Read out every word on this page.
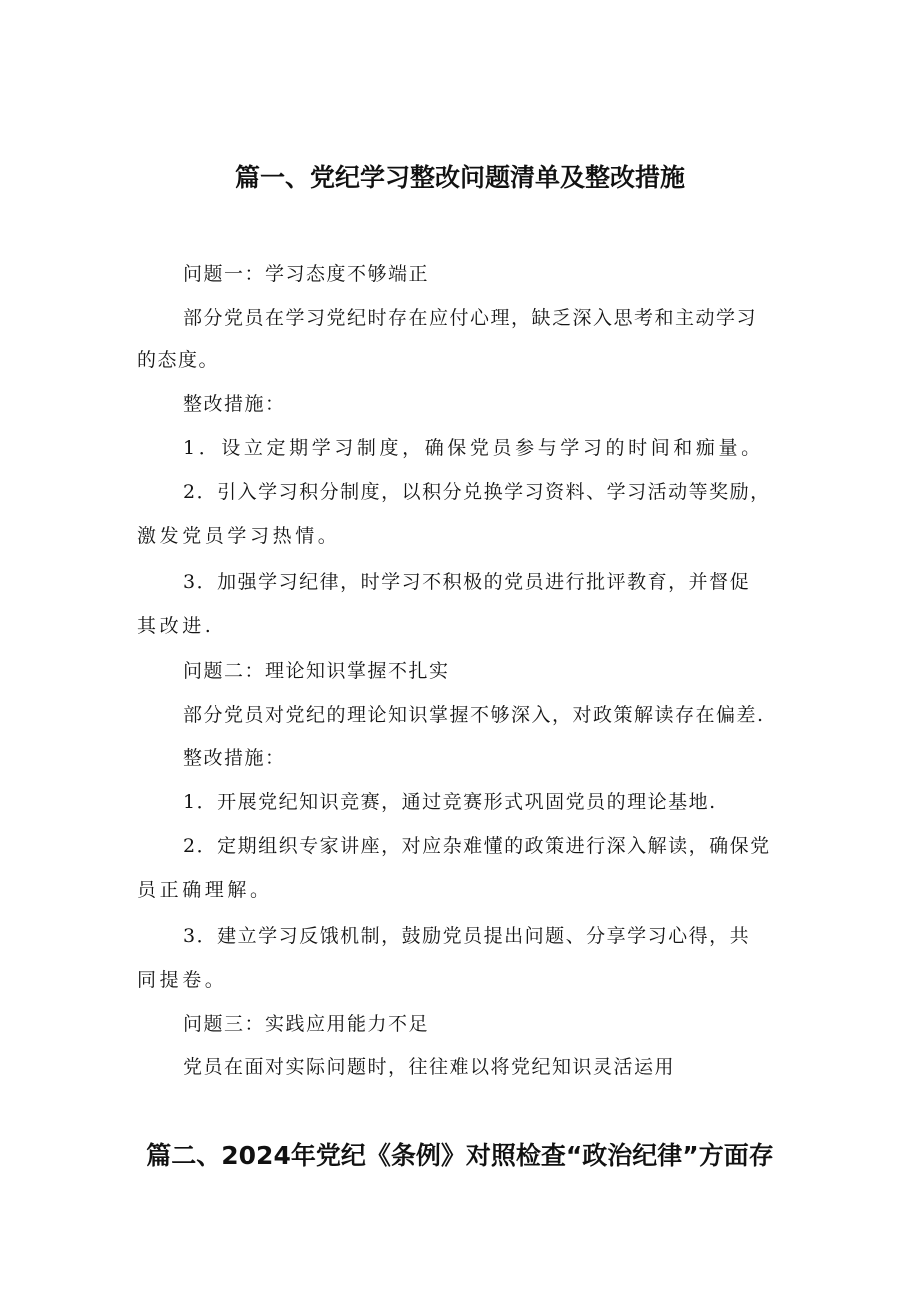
篇一、党纪学习整改问题清单及整改措施
问题一：学习态度不够端正
部分党员在学习党纪时存在应付心理，缺乏深入思考和主动学习
的态度。
整改措施：
1．设立定期学习制度，确保党员参与学习的时间和痂量。
2．引入学习积分制度，以积分兑换学习资料、学习活动等奖励，
激发党员学习热情。
3．加强学习纪律，时学习不积极的党员进行批评教育，并督促
其改进.
问题二：理论知识掌握不扎实
部分党员对党纪的理论知识掌握不够深入，对政策解读存在偏差.
整改措施：
1．开展党纪知识竞赛，通过竞赛形式巩固党员的理论基地.
2．定期组织专家讲座，对应杂难懂的政策进行深入解读，确保党
员正确理解。
3．建立学习反饿机制，鼓励党员提出问题、分享学习心得，共
同提卷。
问题三：实践应用能力不足
党员在面对实际问题时，往往难以将党纪知识灵活运用
篇二、2024年党纪《条例》对照检查“政治纪律”方面存
